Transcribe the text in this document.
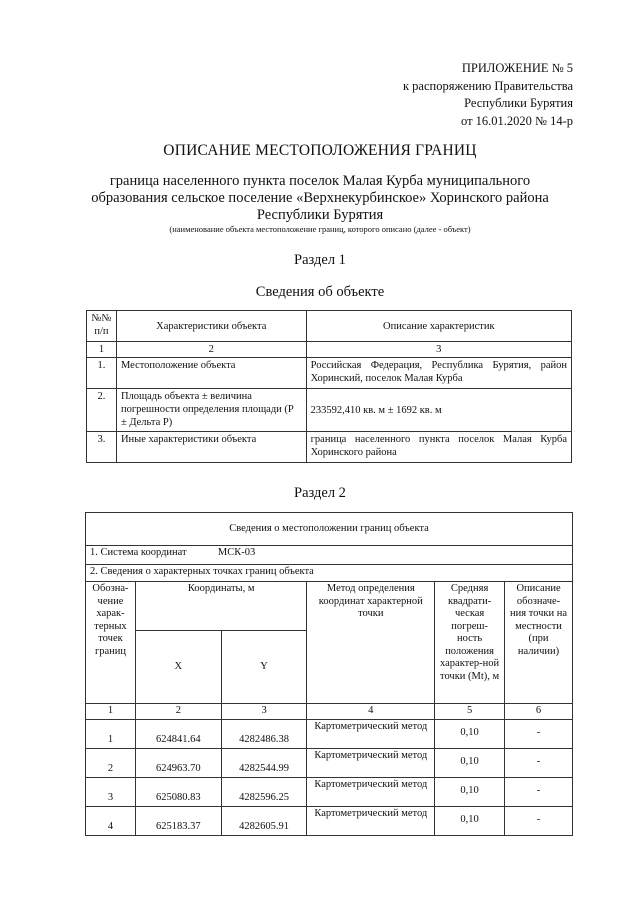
ПРИЛОЖЕНИЕ № 5
к распоряжению Правительства
Республики Бурятия
от 16.01.2020 № 14-р
ОПИСАНИЕ МЕСТОПОЛОЖЕНИЯ ГРАНИЦ
граница населенного пункта поселок Малая Курба муниципального образования сельское поселение «Верхнекурбинское» Хоринского района Республики Бурятия
(наименование объекта местоположение границ, которого описано (далее - объект)
Раздел 1
Сведения об объекте
№№ п/п	Характеристики объекта	Описание характеристик
1	2	3
1.	Местоположение объекта	Российская Федерация, Республика Бурятия, район Хоринский, поселок Малая Курба
2.	Площадь объекта ± величина погрешности определения площади (Р ± Дельта Р)	233592,410 кв. м ± 1692 кв. м
3.	Иные характеристики объекта	граница населенного пункта поселок Малая Курба Хоринского района
Раздел 2
Сведения о местоположении границ объекта					
1. Система координат МСК-03					
2. Сведения о характерных точках границ объекта					
Обозна-чение харак-терных точек границ	Координаты, м		Метод определения координат характерной точки	Средняя квадрати-ческая погреш-ность положения характер-ной точки (Mt), м	Описание обозначе-ния точки на местности (при наличии)
	X	Y			
1	2	3	4	5	6
1	624841.64	4282486.38	Картометрический метод	0,10	-
2	624963.70	4282544.99	Картометрический метод	0,10	-
3	625080.83	4282596.25	Картометрический метод	0,10	-
4	625183.37	4282605.91	Картометрический метод	0,10	-
